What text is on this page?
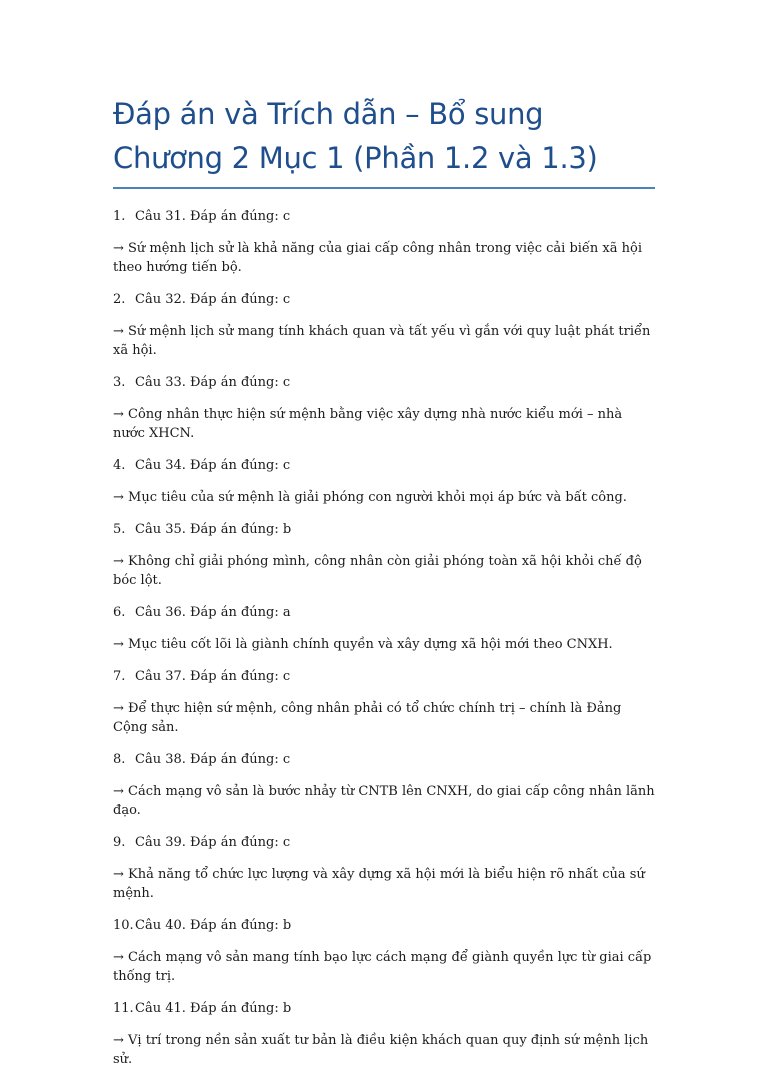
Đáp án và Trích dẫn – Bổ sung Chương 2 Mục 1 (Phần 1.2 và 1.3)
1. Câu 31. Đáp án đúng: c
→ Sứ mệnh lịch sử là khả năng của giai cấp công nhân trong việc cải biến xã hội theo hướng tiến bộ.
2. Câu 32. Đáp án đúng: c
→ Sứ mệnh lịch sử mang tính khách quan và tất yếu vì gắn với quy luật phát triển xã hội.
3. Câu 33. Đáp án đúng: c
→ Công nhân thực hiện sứ mệnh bằng việc xây dựng nhà nước kiểu mới – nhà nước XHCN.
4. Câu 34. Đáp án đúng: c
→ Mục tiêu của sứ mệnh là giải phóng con người khỏi mọi áp bức và bất công.
5. Câu 35. Đáp án đúng: b
→ Không chỉ giải phóng mình, công nhân còn giải phóng toàn xã hội khỏi chế độ bóc lột.
6. Câu 36. Đáp án đúng: a
→ Mục tiêu cốt lõi là giành chính quyền và xây dựng xã hội mới theo CNXH.
7. Câu 37. Đáp án đúng: c
→ Để thực hiện sứ mệnh, công nhân phải có tổ chức chính trị – chính là Đảng Cộng sản.
8. Câu 38. Đáp án đúng: c
→ Cách mạng vô sản là bước nhảy từ CNTB lên CNXH, do giai cấp công nhân lãnh đạo.
9. Câu 39. Đáp án đúng: c
→ Khả năng tổ chức lực lượng và xây dựng xã hội mới là biểu hiện rõ nhất của sứ mệnh.
10. Câu 40. Đáp án đúng: b
→ Cách mạng vô sản mang tính bạo lực cách mạng để giành quyền lực từ giai cấp thống trị.
11. Câu 41. Đáp án đúng: b
→ Vị trí trong nền sản xuất tư bản là điều kiện khách quan quy định sứ mệnh lịch sử.
